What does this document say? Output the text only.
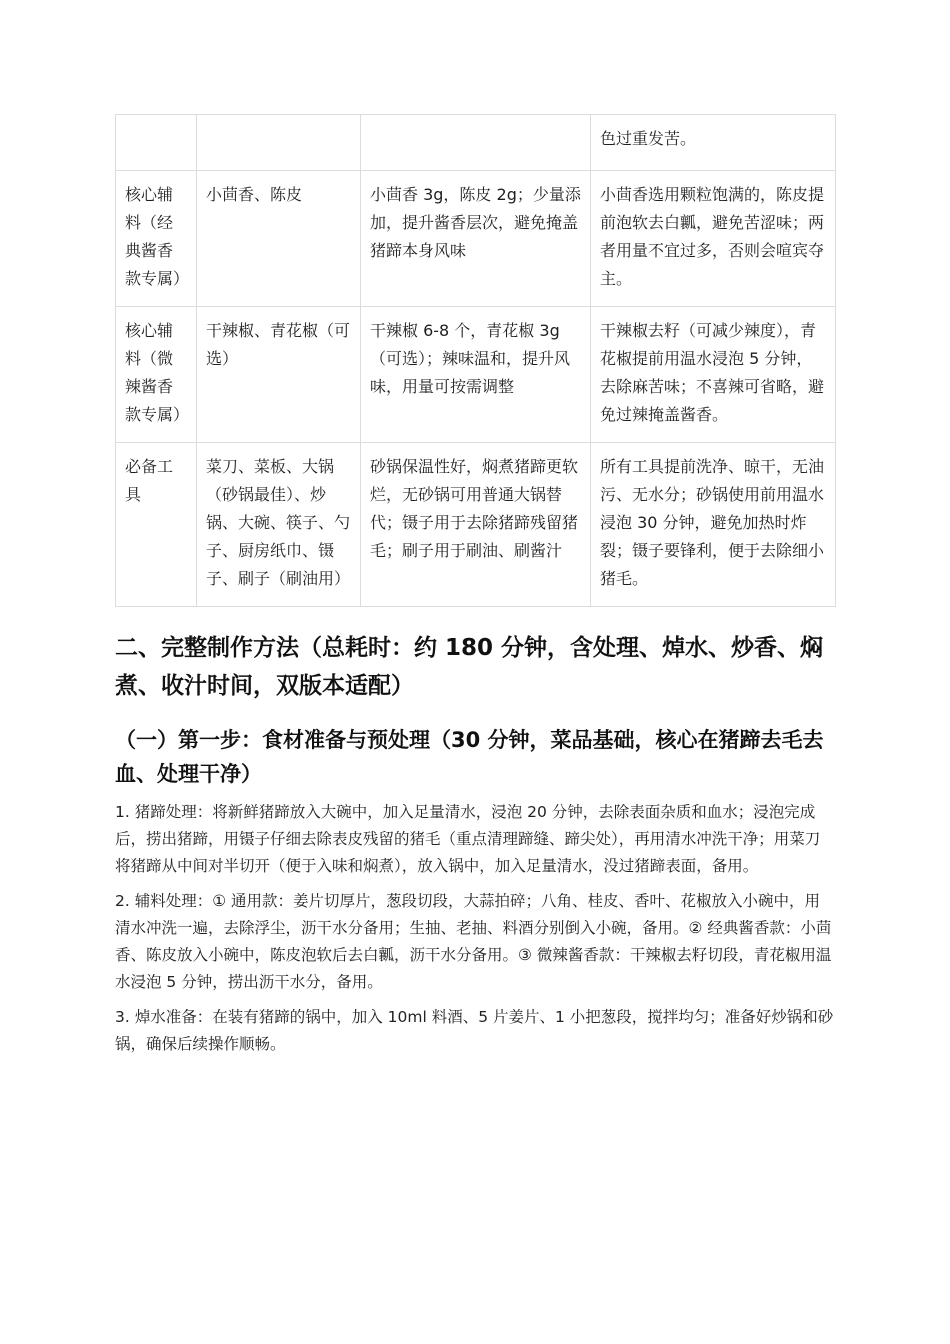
			色过重发苦。
核心辅料（经典酱香款专属）	小茴香、陈皮	小茴香 3g，陈皮 2g；少量添加，提升酱香层次，避免掩盖猪蹄本身风味	小茴香选用颗粒饱满的，陈皮提前泡软去白瓤，避免苦涩味；两者用量不宜过多，否则会喧宾夺主。
核心辅料（微辣酱香款专属）	干辣椒、青花椒（可选）	干辣椒 6-8 个，青花椒 3g（可选）；辣味温和，提升风味，用量可按需调整	干辣椒去籽（可减少辣度），青花椒提前用温水浸泡 5 分钟，去除麻苦味；不喜辣可省略，避免过辣掩盖酱香。
必备工具	菜刀、菜板、大锅（砂锅最佳）、炒锅、大碗、筷子、勺子、厨房纸巾、镊子、刷子（刷油用）	砂锅保温性好，焖煮猪蹄更软烂，无砂锅可用普通大锅替代；镊子用于去除猪蹄残留猪毛；刷子用于刷油、刷酱汁	所有工具提前洗净、晾干，无油污、无水分；砂锅使用前用温水浸泡 30 分钟，避免加热时炸裂；镊子要锋利，便于去除细小猪毛。
二、完整制作方法（总耗时：约 180 分钟，含处理、焯水、炒香、焖煮、收汁时间，双版本适配）
（一）第一步：食材准备与预处理（30 分钟，菜品基础，核心在猪蹄去毛去血、处理干净）

1. 猪蹄处理：将新鲜猪蹄放入大碗中，加入足量清水，浸泡 20 分钟，去除表面杂质和血水；浸泡完成后，捞出猪蹄，用镊子仔细去除表皮残留的猪毛（重点清理蹄缝、蹄尖处），再用清水冲洗干净；用菜刀将猪蹄从中间对半切开（便于入味和焖煮），放入锅中，加入足量清水，没过猪蹄表面，备用。

2. 辅料处理：① 通用款：姜片切厚片，葱段切段，大蒜拍碎；八角、桂皮、香叶、花椒放入小碗中，用清水冲洗一遍，去除浮尘，沥干水分备用；生抽、老抽、料酒分别倒入小碗，备用。② 经典酱香款：小茴香、陈皮放入小碗中，陈皮泡软后去白瓤，沥干水分备用。③ 微辣酱香款：干辣椒去籽切段，青花椒用温水浸泡 5 分钟，捞出沥干水分，备用。

3. 焯水准备：在装有猪蹄的锅中，加入 10ml 料酒、5 片姜片、1 小把葱段，搅拌均匀；准备好炒锅和砂锅，确保后续操作顺畅。
